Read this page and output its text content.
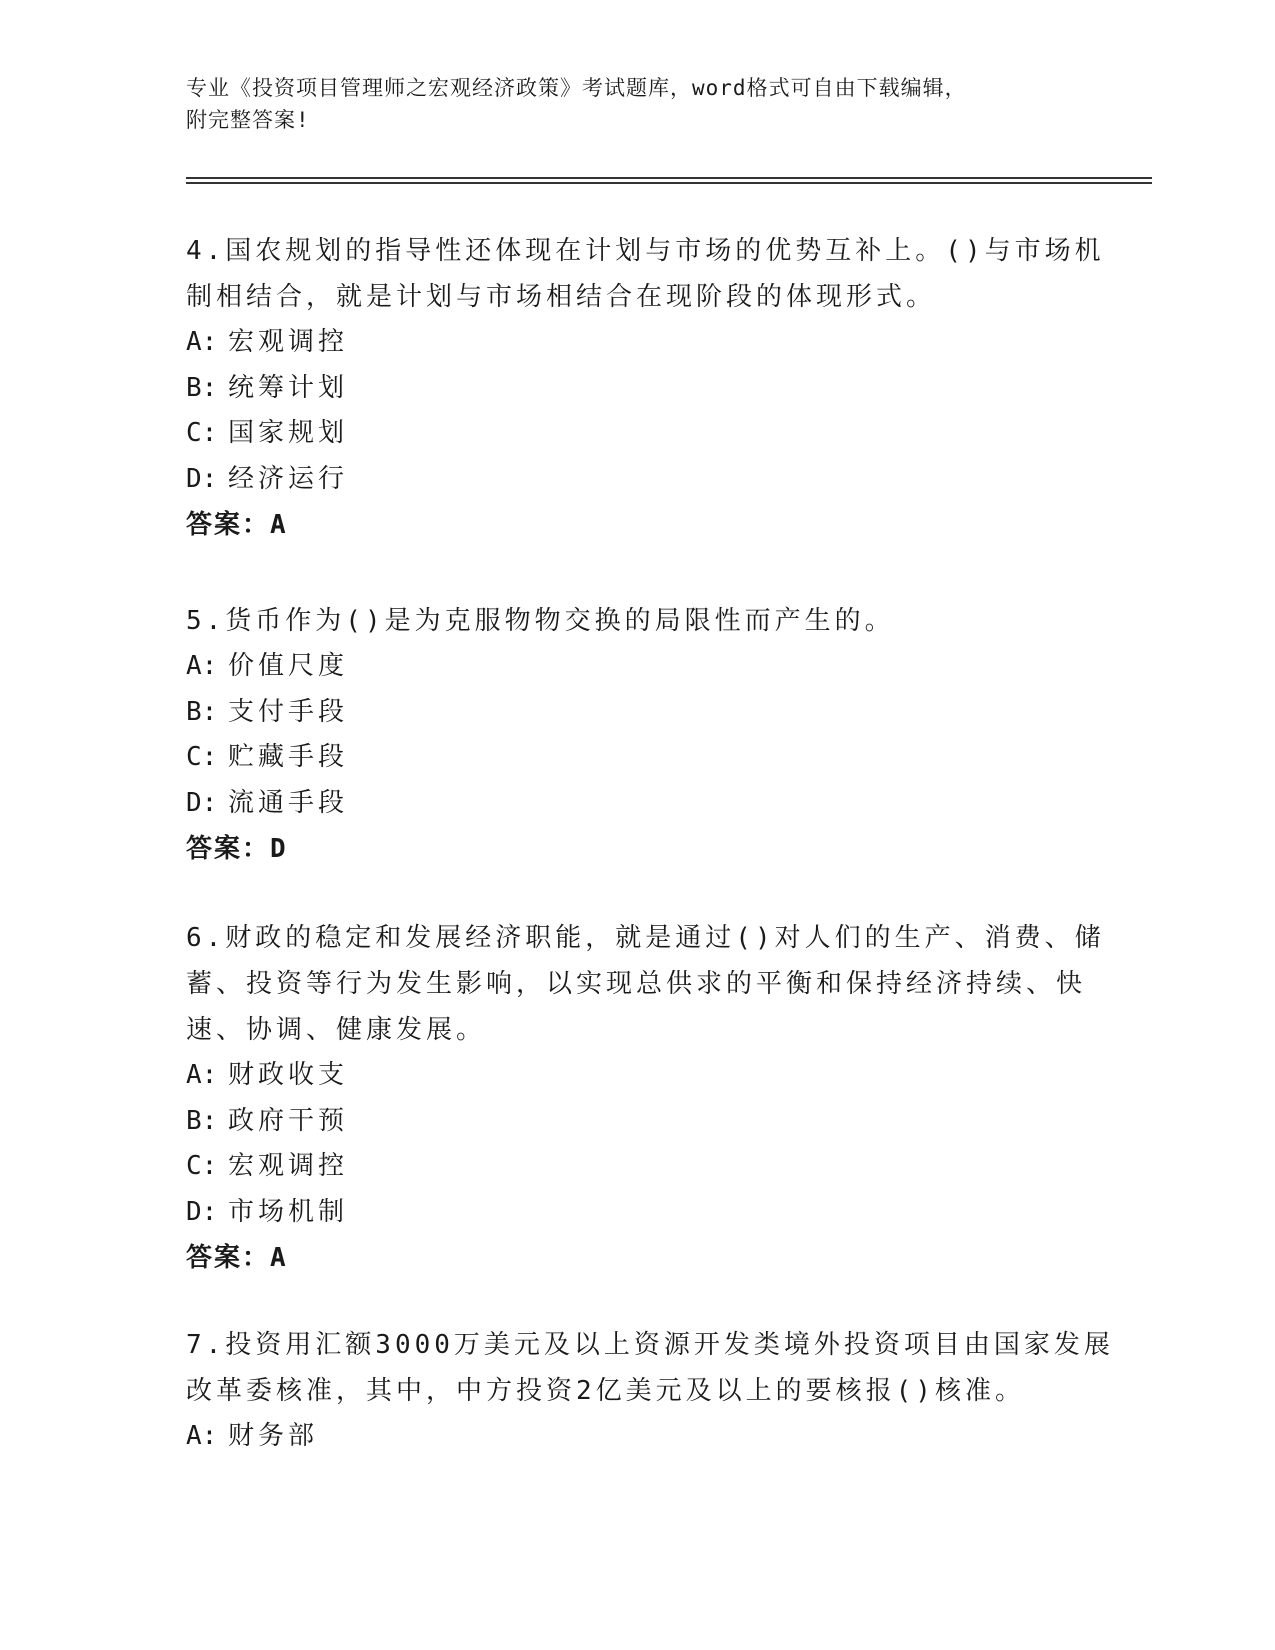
专业《投资项目管理师之宏观经济政策》考试题库，word格式可自由下载编辑，
附完整答案!
4.国农规划的指导性还体现在计划与市场的优势互补上。()与市场机
制相结合，就是计划与市场相结合在现阶段的体现形式。
A: 宏观调控
B: 统筹计划
C: 国家规划
D: 经济运行
答案：A
5.货币作为()是为克服物物交换的局限性而产生的。
A: 价值尺度
B: 支付手段
C: 贮藏手段
D: 流通手段
答案：D
6.财政的稳定和发展经济职能，就是通过()对人们的生产、消费、储
蓄、投资等行为发生影响，以实现总供求的平衡和保持经济持续、快
速、协调、健康发展。
A: 财政收支
B: 政府干预
C: 宏观调控
D: 市场机制
答案：A
7.投资用汇额3000万美元及以上资源开发类境外投资项目由国家发展
改革委核准，其中，中方投资2亿美元及以上的要核报()核准。
A: 财务部
